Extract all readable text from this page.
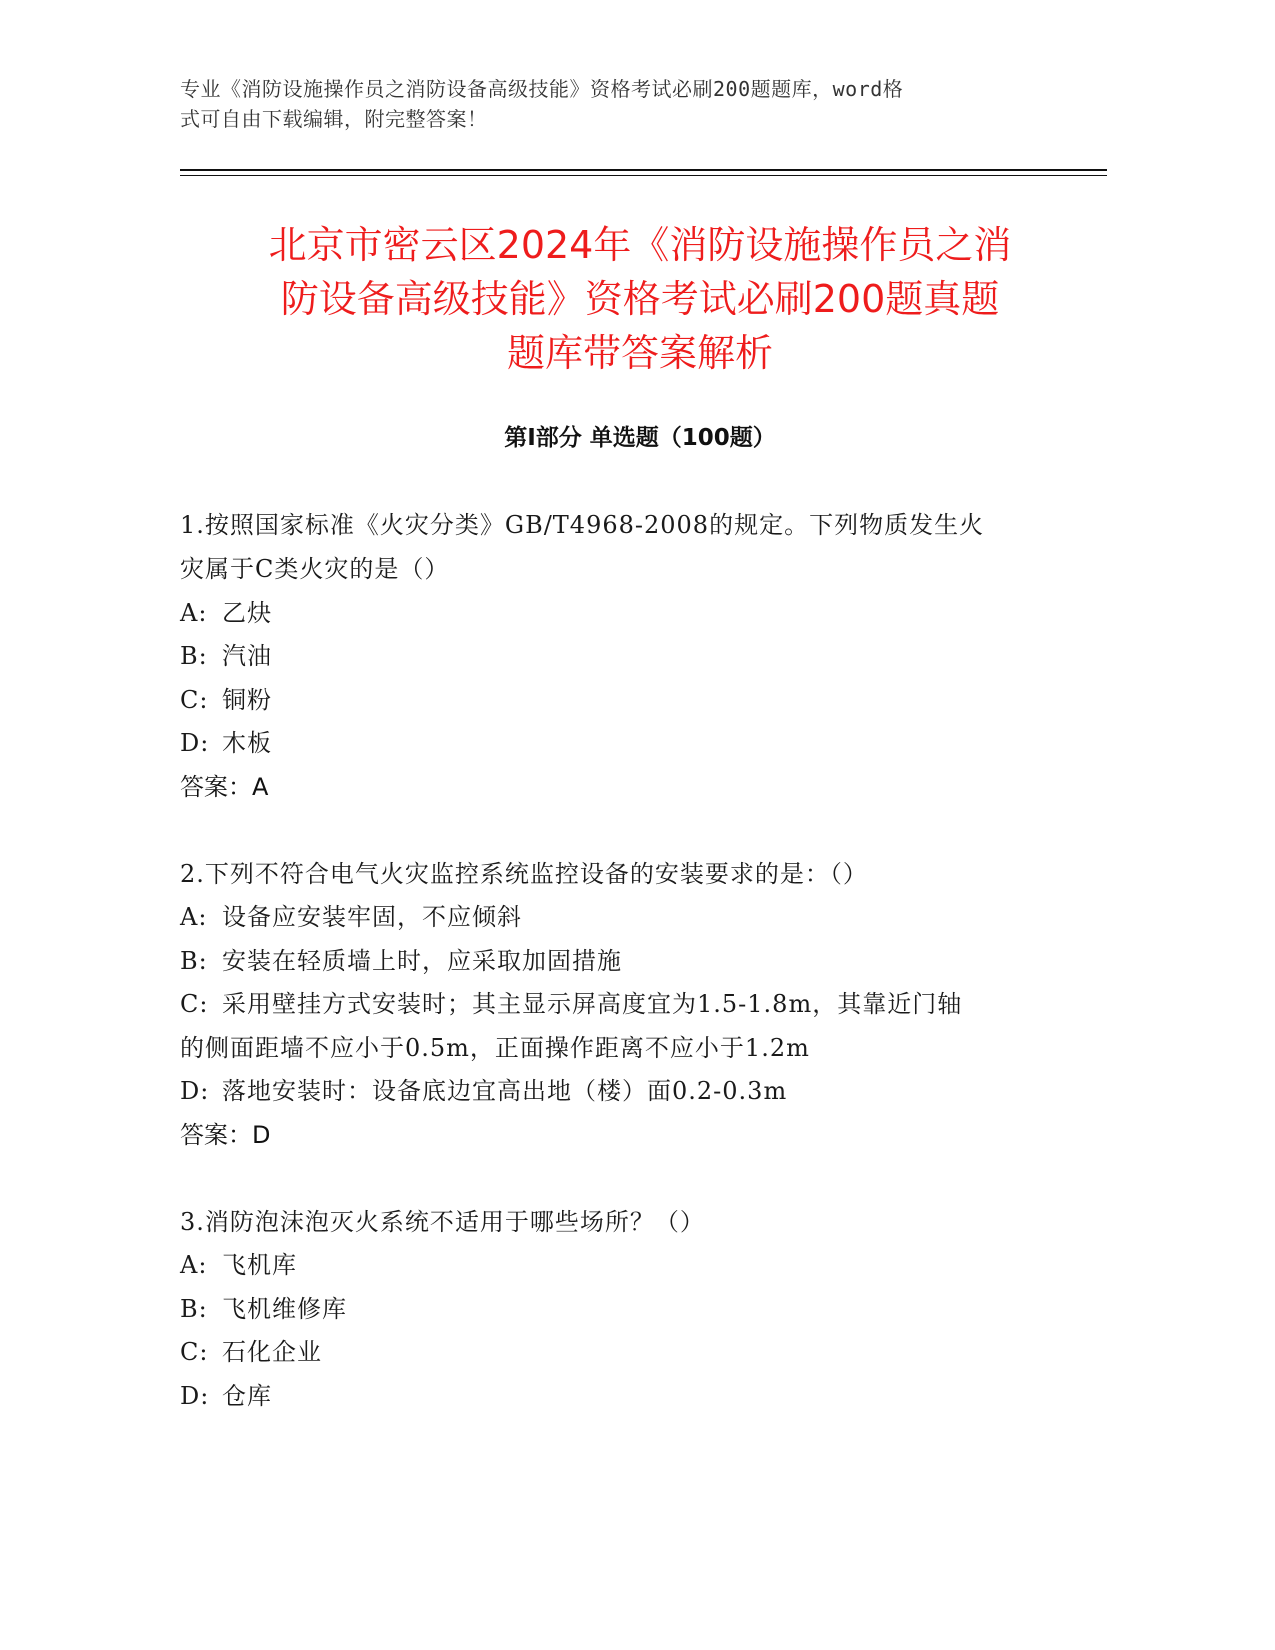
专业《消防设施操作员之消防设备高级技能》资格考试必刷200题题库，word格
式可自由下载编辑，附完整答案！
北京市密云区2024年《消防设施操作员之消
防设备高级技能》资格考试必刷200题真题
题库带答案解析
第Ⅰ部分 单选题（100题）
1.按照国家标准《火灾分类》GB/T4968-2008的规定。下列物质发生火
灾属于C类火灾的是（）
A: 乙炔
B: 汽油
C: 铜粉
D: 木板
答案：A
2.下列不符合电气火灾监控系统监控设备的安装要求的是：（）
A: 设备应安装牢固，不应倾斜
B: 安装在轻质墙上时，应采取加固措施
C: 采用壁挂方式安装时；其主显示屏高度宜为1.5-1.8m，其靠近门轴
的侧面距墙不应小于0.5m，正面操作距离不应小于1.2m
D: 落地安装时：设备底边宜高出地（楼）面0.2-0.3m
答案：D
3.消防泡沫泡灭火系统不适用于哪些场所？（）
A: 飞机库
B: 飞机维修库
C: 石化企业
D: 仓库
